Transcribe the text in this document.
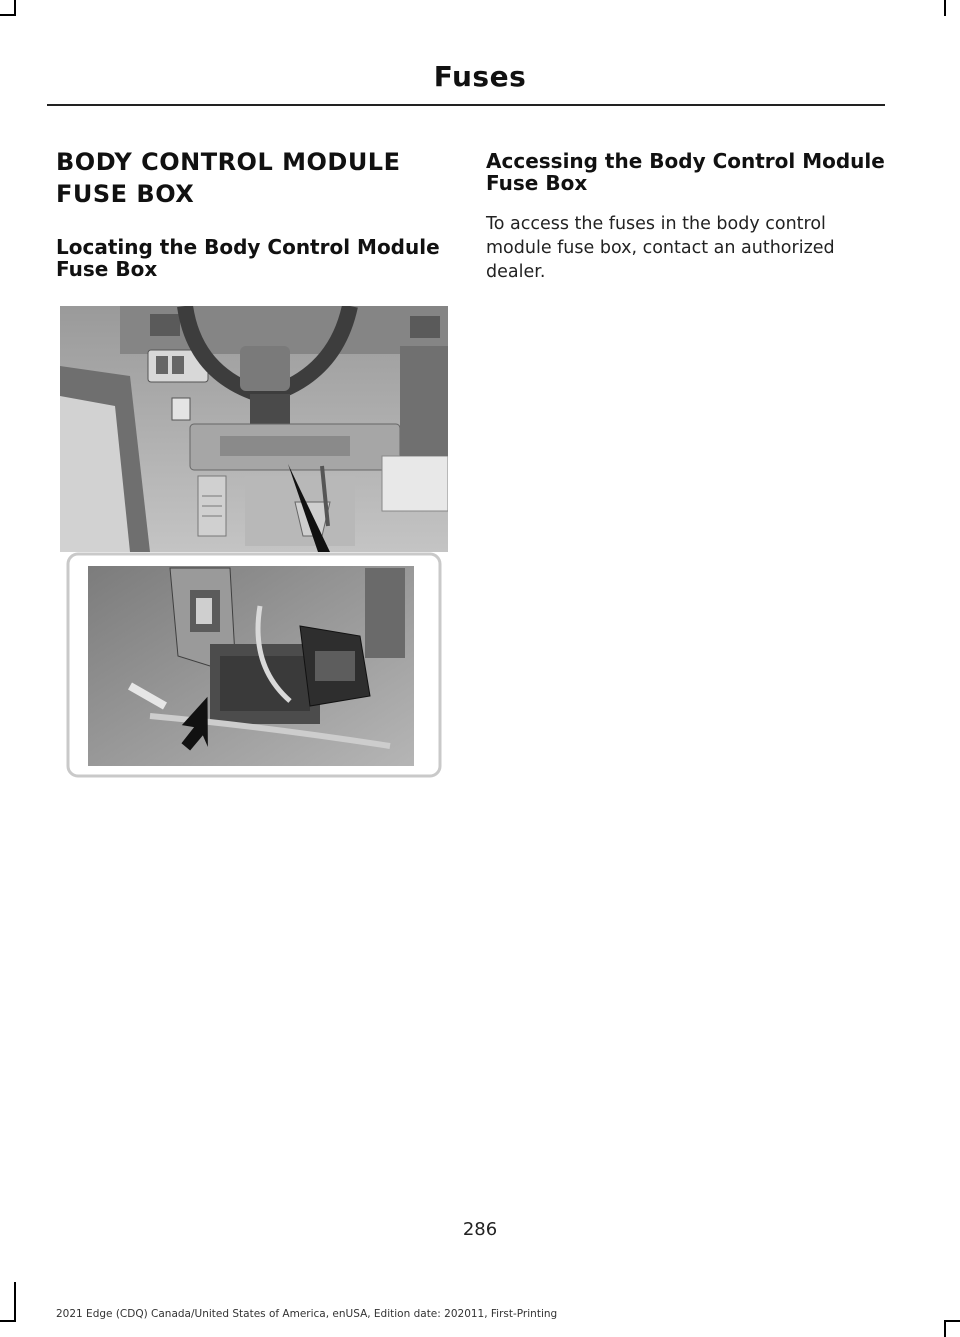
Fuses
BODY CONTROL MODULE
FUSE BOX
Locating the Body Control Module Fuse Box
Accessing the Body Control Module Fuse Box

To access the fuses in the body control module fuse box, contact an authorized dealer.

286
2021 Edge (CDQ) Canada/United States of America, enUSA, Edition date: 202011, First-Printing
